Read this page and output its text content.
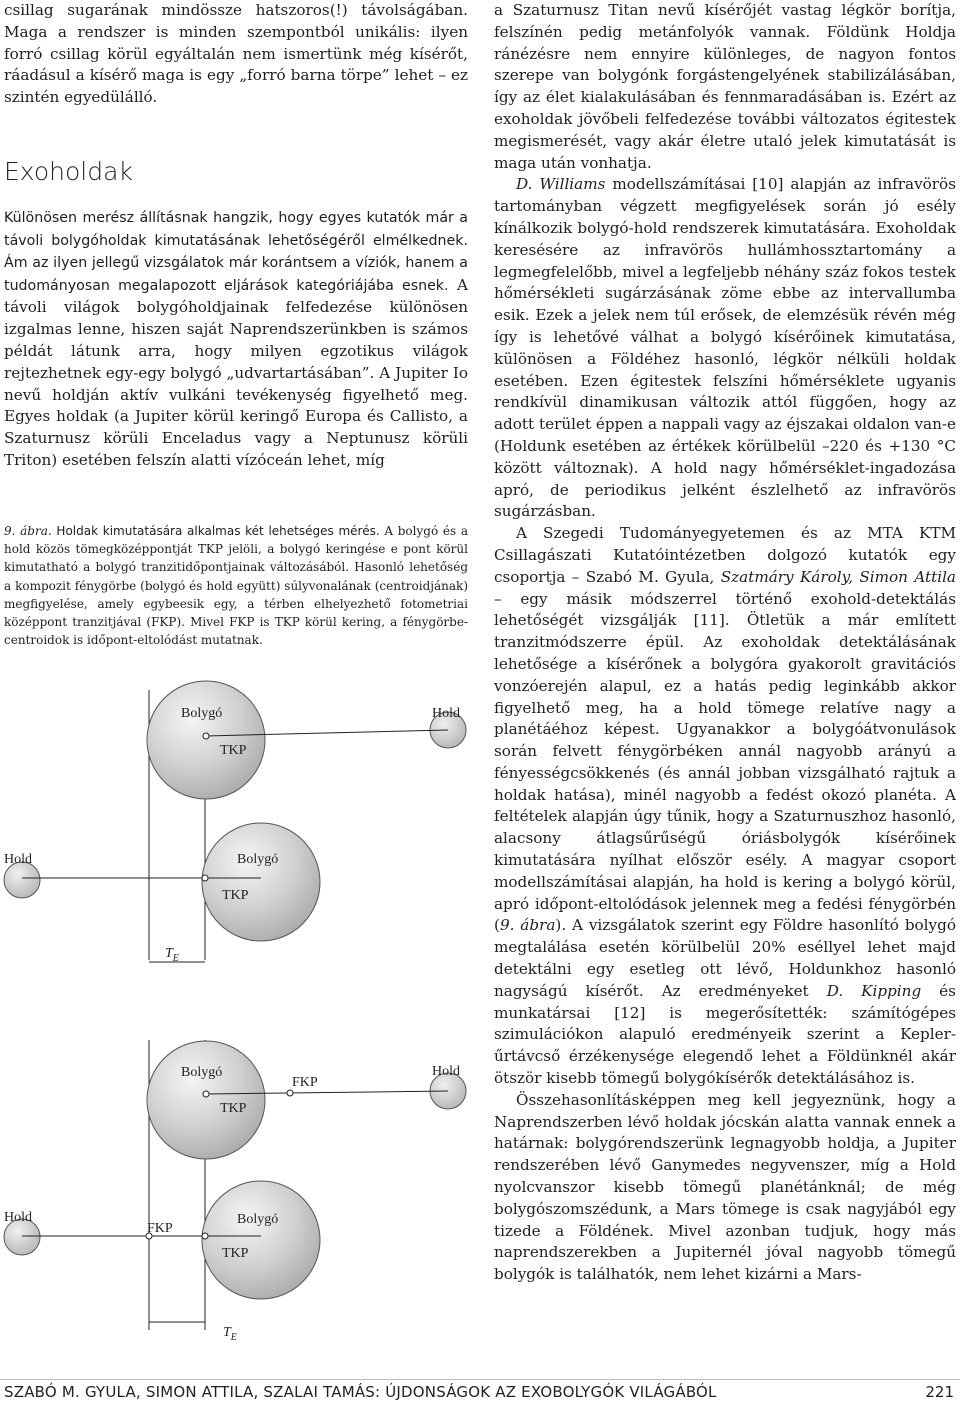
csillag sugarának mindössze hatszoros(!) távolságában. Maga a rendszer is minden szempontból unikális: ilyen forró csillag körül egyáltalán nem ismertünk még kísérőt, ráadásul a kísérő maga is egy „forró barna törpe” lehet – ez szintén egyedülálló.

Exoholdak

Különösen merész állításnak hangzik, hogy egyes kutatók már a távoli bolygóholdak kimutatásának lehetőségéről elmélkednek. Ám az ilyen jellegű vizsgálatok már korántsem a víziók, hanem a tudományosan megalapozott eljárások kategóriájába esnek. A távoli világok bolygóholdjainak felfedezése különösen izgalmas lenne, hiszen saját Naprendszerünkben is számos példát látunk arra, hogy milyen egzotikus világok rejtezhetnek egy-egy bolygó „udvartartásában”. A Jupiter Io nevű holdján aktív vulkáni tevékenység figyelhető meg. Egyes holdak (a Jupiter körül keringő Europa és Callisto, a Szaturnusz körüli Enceladus vagy a Neptunusz körüli Triton) esetében felszín alatti vízóceán lehet, míg

9. ábra. Holdak kimutatására alkalmas két lehetséges mérés. A bolygó és a hold közös tömegközéppontját TKP jelöli, a bolygó keringése e pont körül kimutatható a bolygó tranzitidőpontjainak változásából. Hasonló lehetőség a kompozit fénygörbe (bolygó és hold együtt) súlyvonalának (centroidjának) megfigyelése, amely egybeesik egy, a térben elhelyezhető fotometriai középpont tranzitjával (FKP). Mivel FKP is TKP körül kering, a fénygörbe-centroidok is időpont-eltolódást mutatnak.

Bolygó	Hold
TKP
Bolygó
Hold
TKP
$T_E$
Bolygó	Hold
TKP
FKP
Bolygó
Hold
TKP
FKP
$T_E$

a Szaturnusz Titan nevű kísérőjét vastag légkör borítja, felszínén pedig metánfolyók vannak. Földünk Holdja ránézésre nem ennyire különleges, de nagyon fontos szerepe van bolygónk forgástengelyének stabilizálásában, így az élet kialakulásában és fennmaradásában is. Ezért az exoholdak jövőbeli felfedezése további változatos égitestek megismerését, vagy akár életre utaló jelek kimutatását is maga után vonhatja.

D. Williams modellszámításai [10] alapján az infravörös tartományban végzett megfigyelések során jó esély kínálkozik bolygó-hold rendszerek kimutatására. Exoholdak keresésére az infravörös hullámhossztartomány a legmegfelelőbb, mivel a legfeljebb néhány száz fokos testek hőmérsékleti sugárzásának zöme ebbe az intervallumba esik. Ezek a jelek nem túl erősek, de elemzésük révén még így is lehetővé válhat a bolygó kísérőinek kimutatása, különösen a Földéhez hasonló, légkör nélküli holdak esetében. Ezen égitestek felszíni hőmérséklete ugyanis rendkívül dinamikusan változik attól függően, hogy az adott terület éppen a nappali vagy az éjszakai oldalon van-e (Holdunk esetében az értékek körülbelül –220 és +130 °C között változnak). A hold nagy hőmérséklet-ingadozása apró, de periodikus jelként észlelhető az infravörös sugárzásban.

A Szegedi Tudományegyetemen és az MTA KTM Csillagászati Kutatóintézetben dolgozó kutatók egy csoportja – Szabó M. Gyula, Szatmáry Károly, Simon Attila – egy másik módszerrel történő exohold-detektálás lehetőségét vizsgálják [11]. Ötletük a már említett tranzitmódszerre épül. Az exoholdak detektálásának lehetősége a kísérőnek a bolygóra gyakorolt gravitációs vonzóerején alapul, ez a hatás pedig leginkább akkor figyelhető meg, ha a hold tömege relatíve nagy a planétáéhoz képest. Ugyanakkor a bolygóátvonulások során felvett fénygörbéken annál nagyobb arányú a fényességcsökkenés (és annál jobban vizsgálható rajtuk a holdak hatása), minél nagyobb a fedést okozó planéta. A feltételek alapján úgy tűnik, hogy a Szaturnuszhoz hasonló, alacsony átlagsűrűségű óriásbolygók kísérőinek kimutatására nyílhat először esély. A magyar csoport modellszámításai alapján, ha hold is kering a bolygó körül, apró időpont-eltolódások jelennek meg a fedési fénygörbén (9. ábra). A vizsgálatok szerint egy Földre hasonlító bolygó megtalálása esetén körülbelül 20% eséllyel lehet majd detektálni egy esetleg ott lévő, Holdunkhoz hasonló nagyságú kísérőt. Az eredményeket D. Kipping és munkatársai [12] is megerősítették: számítógépes szimulációkon alapuló eredményeik szerint a Kepler-űrtávcső érzékenysége elegendő lehet a Földünknél akár ötször kisebb tömegű bolygókísérők detektálásához is.

Összehasonlításképpen meg kell jegyeznünk, hogy a Naprendszerben lévő holdak jócskán alatta vannak ennek a határnak: bolygórendszerünk legnagyobb holdja, a Jupiter rendszerében lévő Ganymedes negyvenszer, míg a Hold nyolcvanszor kisebb tömegű planétánknál; de még bolygószomszédunk, a Mars tömege is csak nagyjából egy tizede a Földének. Mivel azonban tudjuk, hogy más naprendszerekben a Jupiternél jóval nagyobb tömegű bolygók is találhatók, nem lehet kizárni a Mars-

SZABÓ M. GYULA, SIMON ATTILA, SZALAI TAMÁS: ÚJDONSÁGOK AZ EXOBOLYGÓK VILÁGÁBÓL	221
